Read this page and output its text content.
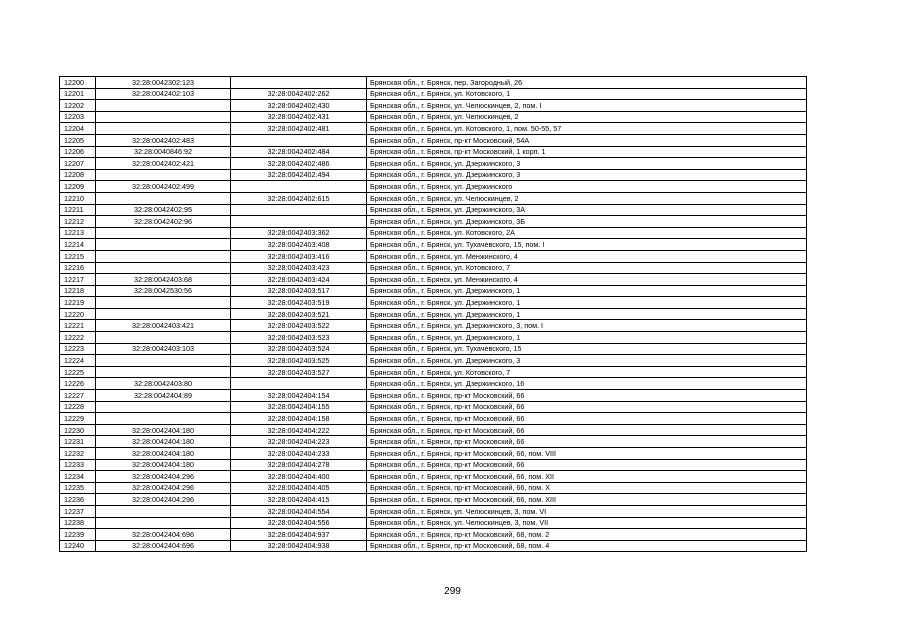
12200	32:28:0042302:123		Брянская обл., г. Брянск, пер. Загородный, 26
12201	32:28:0042402:103	32:28:0042402:262	Брянская обл., г. Брянск, ул. Котовского, 1
12202		32:28:0042402:430	Брянская обл., г. Брянск, ул. Челюскинцев, 2, пом. I
12203		32:28:0042402:431	Брянская обл., г. Брянск, ул. Челюскинцев, 2
12204		32:28:0042402:481	Брянская обл., г. Брянск, ул. Котовского, 1, пом. 50-55, 57
12205	32:28:0042402:483		Брянская обл., г. Брянск, пр-кт Московский, 54А
12206	32:28:0040846:92	32:28:0042402:484	Брянская обл., г. Брянск, пр-кт Московский, 1 корп. 1
12207	32:28:0042402:421	32:28:0042402:486	Брянская обл., г. Брянск, ул. Дзержинского, 3
12208		32:28:0042402:494	Брянская обл., г. Брянск, ул. Дзержинского, 3
12209	32:28:0042402:499		Брянская обл., г. Брянск, ул. Дзержинского
12210		32:28:0042402:615	Брянская обл., г. Брянск, ул. Челюскинцев, 2
12211	32:28:0042402:95		Брянская обл., г. Брянск, ул. Дзержинского, 3А
12212	32:28:0042402:96		Брянская обл., г. Брянск, ул. Дзержинского, 3Б
12213		32:28:0042403:362	Брянская обл., г. Брянск, ул. Котовского, 2А
12214		32:28:0042403:408	Брянская обл., г. Брянск, ул. Тухачевского, 15, пом. I
12215		32:28:0042403:416	Брянская обл., г. Брянск, ул. Менжинского, 4
12216		32:28:0042403:423	Брянская обл., г. Брянск, ул. Котовского, 7
12217	32:28:0042403:68	32:28:0042403:424	Брянская обл., г. Брянск, ул. Менжинского, 4
12218	32:28:0042530:56	32:28:0042403:517	Брянская обл., г. Брянск, ул. Дзержинского, 1
12219		32:28:0042403:519	Брянская обл., г. Брянск, ул. Дзержинского, 1
12220		32:28:0042403:521	Брянская обл., г. Брянск, ул. Дзержинского, 1
12221	32:28:0042403:421	32:28:0042403:522	Брянская обл., г. Брянск, ул. Дзержинского, 3, пом. I
12222		32:28:0042403:523	Брянская обл., г. Брянск, ул. Дзержинского, 1
12223	32:28:0042403:103	32:28:0042403:524	Брянская обл., г. Брянск, ул. Тухачевского, 15
12224		32:28:0042403:525	Брянская обл., г. Брянск, ул. Дзержинского, 3
12225		32:28:0042403:527	Брянская обл., г. Брянск, ул. Котовского, 7
12226	32:28:0042403:80		Брянская обл., г. Брянск, ул. Дзержинского, 16
12227	32:28:0042404:89	32:28:0042404:154	Брянская обл., г. Брянск, пр-кт Московский, 66
12228		32:28:0042404:155	Брянская обл., г. Брянск, пр-кт Московский, 66
12229		32:28:0042404:158	Брянская обл., г. Брянск, пр-кт Московский, 66
12230	32:28:0042404:180	32:28:0042404:222	Брянская обл., г. Брянск, пр-кт Московский, 66
12231	32:28:0042404:180	32:28:0042404:223	Брянская обл., г. Брянск, пр-кт Московский, 66
12232	32:28:0042404:180	32:28:0042404:233	Брянская обл., г. Брянск, пр-кт Московский, 66, пом. VIII
12233	32:28:0042404:180	32:28:0042404:278	Брянская обл., г. Брянск, пр-кт Московский, 66
12234	32:28:0042404:296	32:28:0042404:400	Брянская обл., г. Брянск, пр-кт Московский, 66, пом. XII
12235	32:28:0042404:296	32:28:0042404:405	Брянская обл., г. Брянск, пр-кт Московский, 66, пом. X
12236	32:28:0042404:296	32:28:0042404:415	Брянская обл., г. Брянск, пр-кт Московский, 66, пом. XIII
12237		32:28:0042404:554	Брянская обл., г. Брянск, ул. Челюскинцев, 3, пом. VI
12238		32:28:0042404:556	Брянская обл., г. Брянск, ул. Челюскинцев, 3, пом. VII
12239	32:28:0042404:696	32:28:0042404:937	Брянская обл., г. Брянск, пр-кт Московский, 68, пом. 2
12240	32:28:0042404:696	32:28:0042404:938	Брянская обл., г. Брянск, пр-кт Московский, 68, пом. 4
299
